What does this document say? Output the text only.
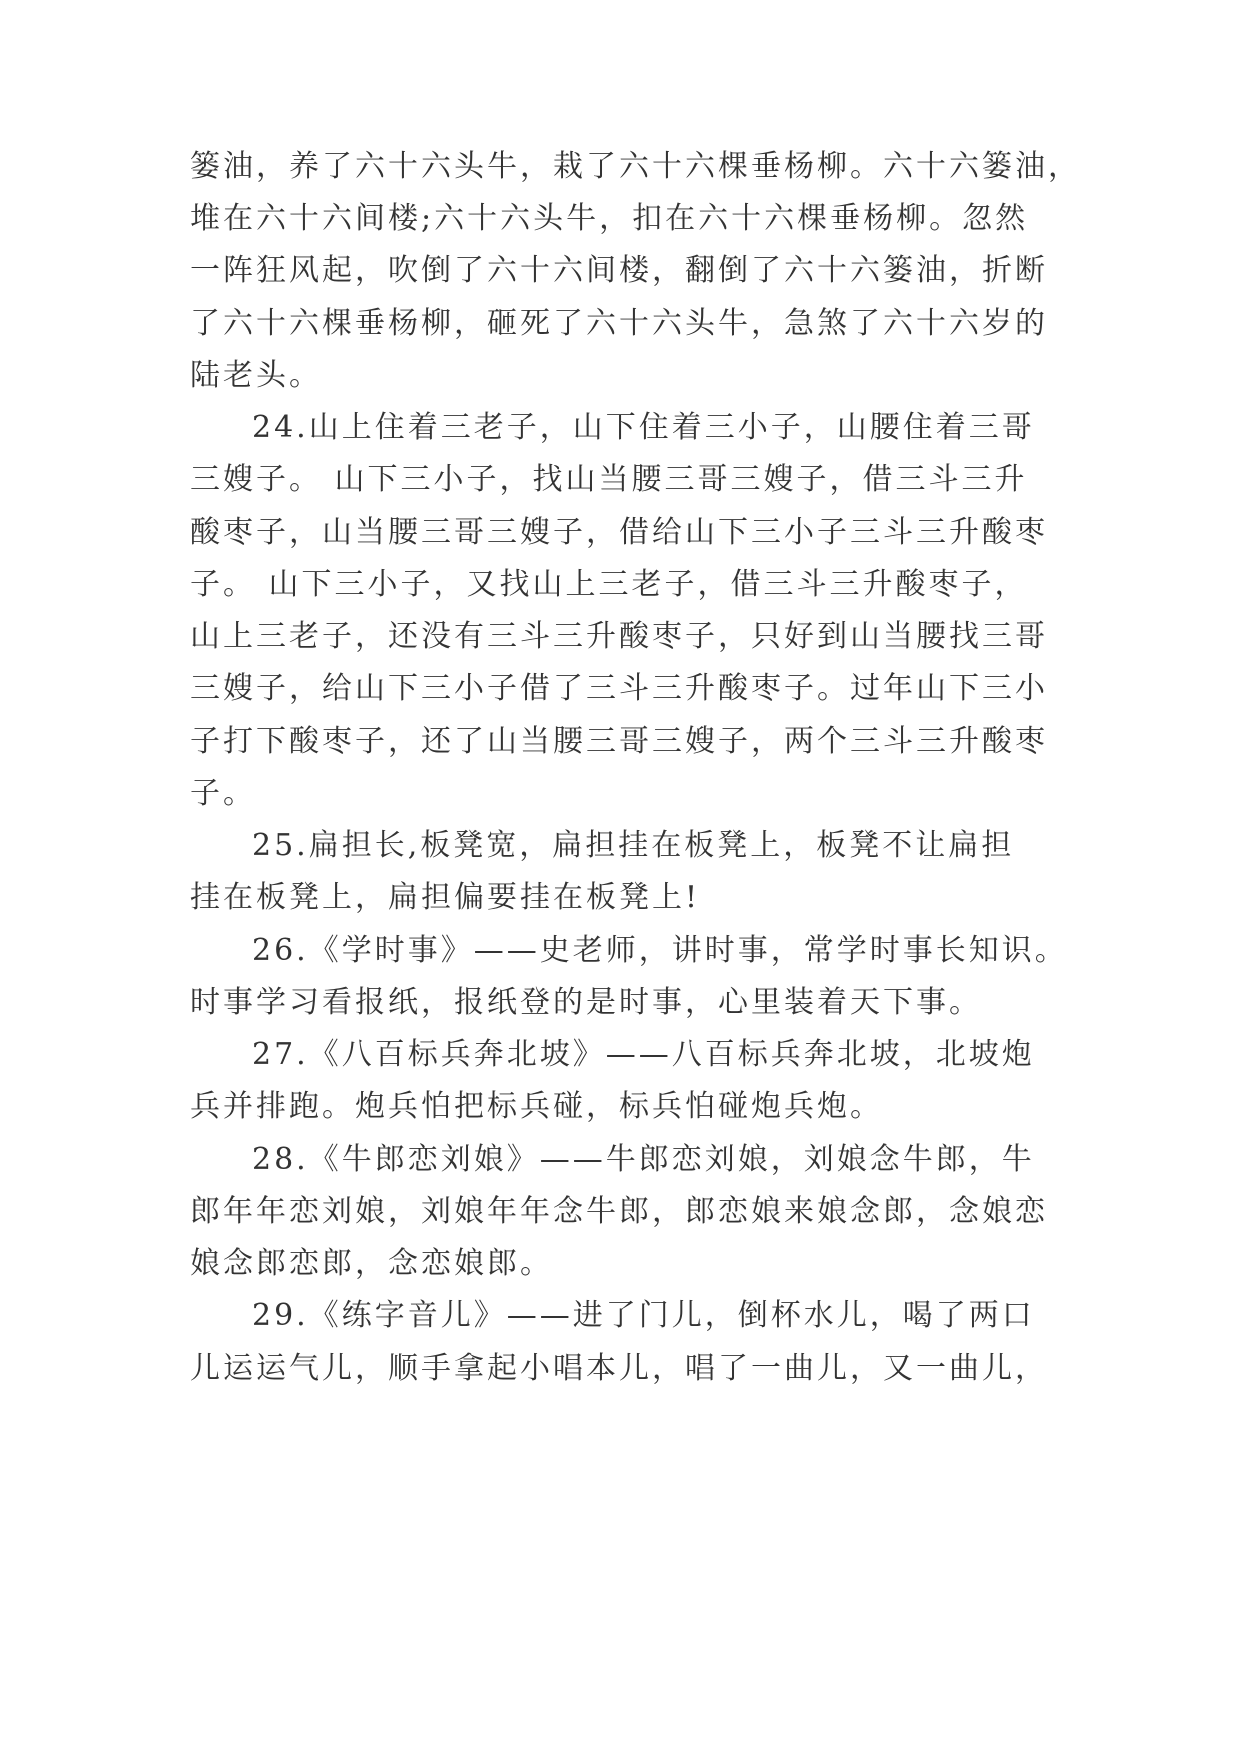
篓油，养了六十六头牛，栽了六十六棵垂杨柳。六十六篓油，
堆在六十六间楼;六十六头牛，扣在六十六棵垂杨柳。忽然
一阵狂风起，吹倒了六十六间楼，翻倒了六十六篓油，折断
了六十六棵垂杨柳，砸死了六十六头牛，急煞了六十六岁的
陆老头。
24.山上住着三老子，山下住着三小子，山腰住着三哥
三嫂子。 山下三小子，找山当腰三哥三嫂子，借三斗三升
酸枣子，山当腰三哥三嫂子，借给山下三小子三斗三升酸枣
子。 山下三小子，又找山上三老子，借三斗三升酸枣子，
山上三老子，还没有三斗三升酸枣子，只好到山当腰找三哥
三嫂子，给山下三小子借了三斗三升酸枣子。过年山下三小
子打下酸枣子，还了山当腰三哥三嫂子，两个三斗三升酸枣
子。
25.扁担长,板凳宽，扁担挂在板凳上，板凳不让扁担
挂在板凳上，扁担偏要挂在板凳上!
26.《学时事》——史老师，讲时事，常学时事长知识。
时事学习看报纸，报纸登的是时事，心里装着天下事。
27.《八百标兵奔北坡》——八百标兵奔北坡，北坡炮
兵并排跑。炮兵怕把标兵碰，标兵怕碰炮兵炮。
28.《牛郎恋刘娘》——牛郎恋刘娘，刘娘念牛郎，牛
郎年年恋刘娘，刘娘年年念牛郎，郎恋娘来娘念郎，念娘恋
娘念郎恋郎，念恋娘郎。
29.《练字音儿》——进了门儿，倒杯水儿，喝了两口
儿运运气儿，顺手拿起小唱本儿，唱了一曲儿，又一曲儿，
